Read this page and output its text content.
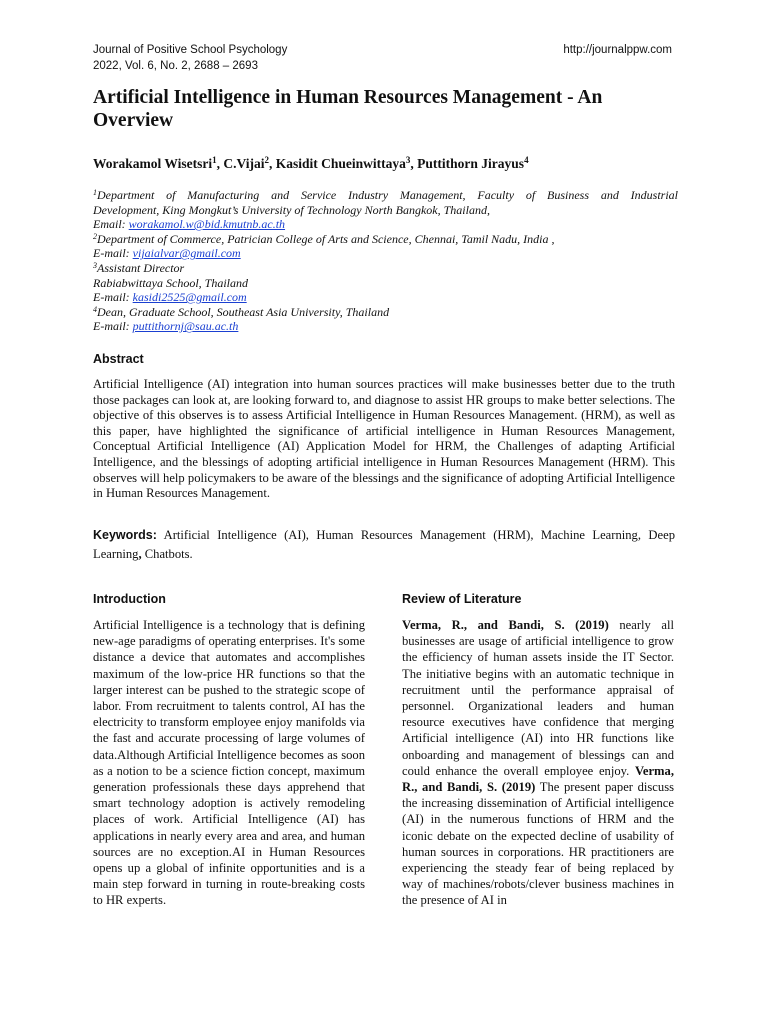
Journal of Positive School Psychology
2022, Vol. 6, No. 2, 2688 – 2693
http://journalppw.com
Artificial Intelligence in Human Resources Management - An Overview
Worakamol Wisetsri$^1$, C.Vijai$^2$, Kasidit Chueinwittaya$^3$, Puttithorn Jirayus$^4$

$^1$Department of Manufacturing and Service Industry Management, Faculty of Business and Industrial

Development, King Mongkut’s University of Technology North Bangkok, Thailand,

Email: worakamol.w@bid.kmutnb.ac.th

$^2$Department of Commerce, Patrician College of Arts and Science, Chennai, Tamil Nadu, India ,

E-mail: vijaialvar@gmail.com

$^3$Assistant Director

Rabiabwittaya School, Thailand

E-mail: kasidi2525@gmail.com

$^4$Dean, Graduate School, Southeast Asia University, Thailand

E-mail: puttithornj@sau.ac.th

Abstract

Artificial Intelligence (AI) integration into human sources practices will make businesses better due to the truth those packages can look at, are looking forward to, and diagnose to assist HR groups to make better selections. The objective of this observes is to assess Artificial Intelligence in Human Resources Management. (HRM), as well as this paper, have highlighted the significance of artificial intelligence in Human Resources Management, Conceptual Artificial Intelligence (AI) Application Model for HRM, the Challenges of adapting Artificial Intelligence, and the blessings of adopting artificial intelligence in Human Resources Management (HRM). This observes will help policymakers to be aware of the blessings and the significance of adopting Artificial Intelligence in Human Resources Management.

Keywords: Artificial Intelligence (AI), Human Resources Management (HRM), Machine Learning, Deep Learning, Chatbots.

Introduction

Artificial Intelligence is a technology that is defining new-age paradigms of operating enterprises. It's some distance a device that automates and accomplishes maximum of the low-price HR functions so that the larger interest can be pushed to the strategic scope of labor. From recruitment to talents control, AI has the electricity to transform employee enjoy manifolds via the fast and accurate processing of large volumes of data.Although Artificial Intelligence becomes as soon as a notion to be a science fiction concept, maximum generation professionals these days apprehend that smart technology adoption is actively remodeling places of work. Artificial Intelligence (AI) has applications in nearly every area and area, and human sources are no exception.AI in Human Resources opens up a global of infinite opportunities and is a main step forward in turning in route-breaking costs to HR experts.

Review of Literature

Verma, R., and Bandi, S. (2019) nearly all businesses are usage of artificial intelligence to grow the efficiency of human assets inside the IT Sector. The initiative begins with an automatic technique in recruitment until the performance appraisal of personnel. Organizational leaders and human resource executives have confidence that merging Artificial intelligence (AI) into HR functions like onboarding and management of blessings can and could enhance the overall employee enjoy. Verma, R., and Bandi, S. (2019) The present paper discuss the increasing dissemination of Artificial intelligence (AI) in the numerous functions of HRM and the iconic debate on the expected decline of usability of human sources in corporations. HR practitioners are experiencing the steady fear of being replaced by way of machines/robots/clever business machines in the presence of AI in
